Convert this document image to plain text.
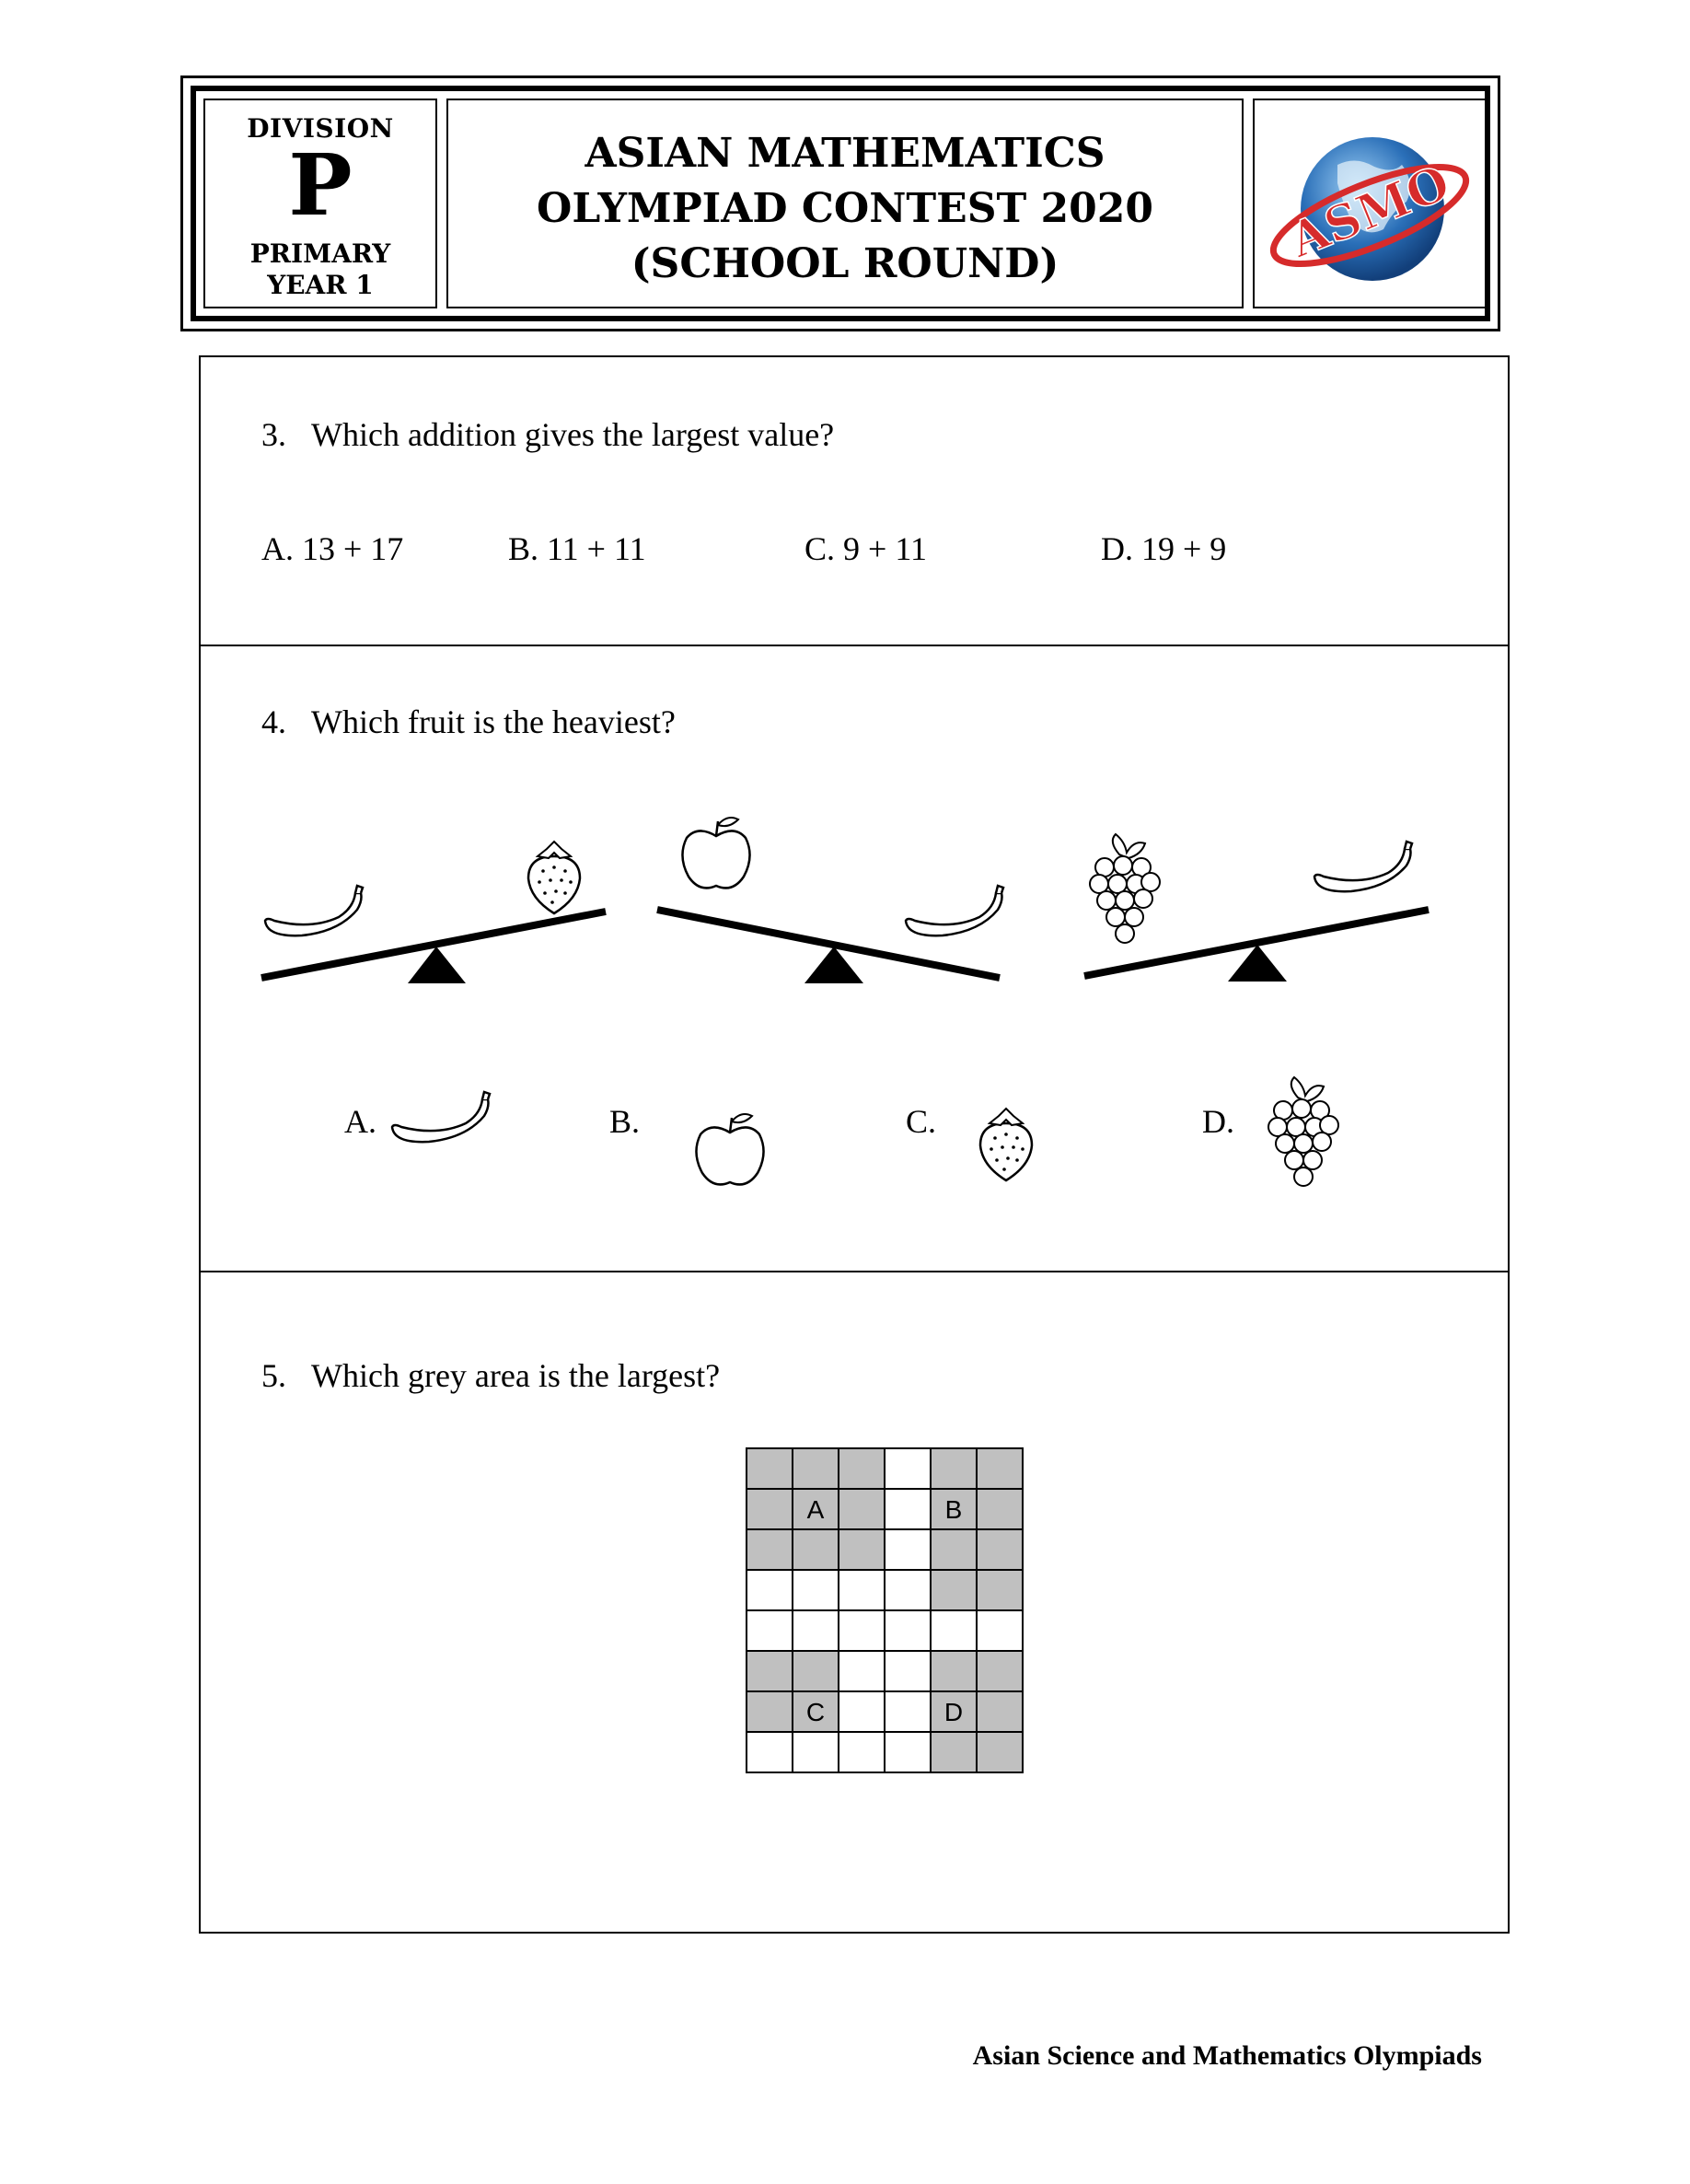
DIVISION
P
PRIMARY
YEAR 1
ASIAN MATHEMATICS
OLYMPIAD CONTEST 2020
(SCHOOL ROUND)	ASMO
3. Which addition gives the largest value?
A. 13 + 17	B. 11 + 11	C. 9 + 11	D. 19 + 9
4. Which fruit is the heaviest?
A.	B.	C.	D.
5. Which grey area is the largest?
A	B
C	D
Asian Science and Mathematics Olympiads
